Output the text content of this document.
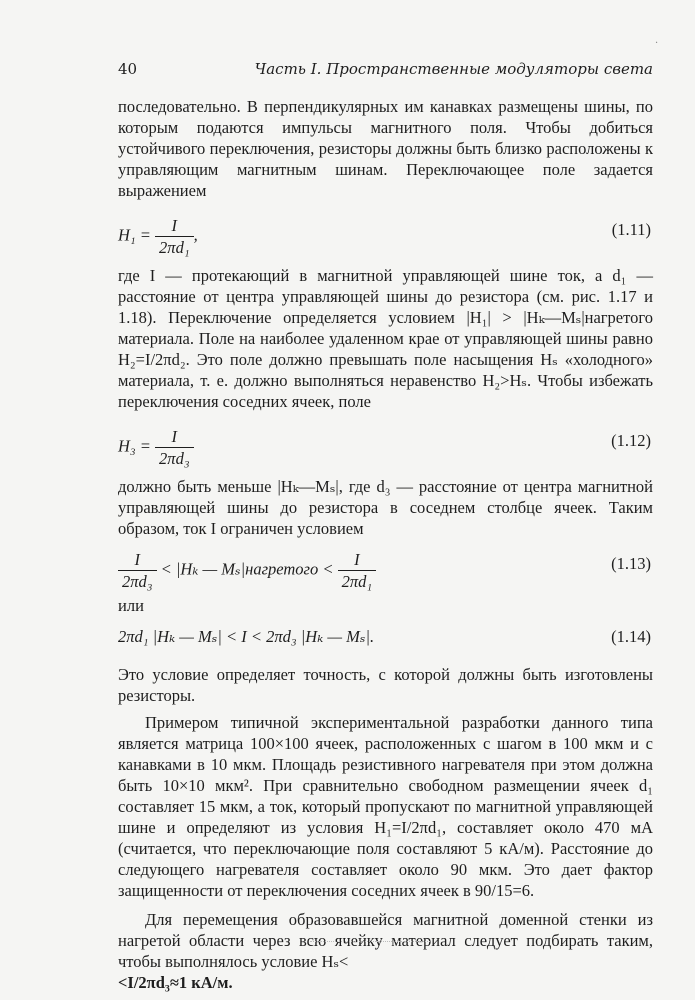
40	Часть I. Пространственные модуляторы света

последовательно. В перпендикулярных им канавках размещены шины, по которым подаются импульсы магнитного поля. Чтобы добиться устойчивого переключения, резисторы должны быть близко расположены к управляющим магнитным шинам. Переключающее поле задается выражением

$H_1 = \frac{I}{\text{2πd₁}}$ ,	(1.11)

где I — протекающий в магнитной управляющей шине ток, а d₁ — расстояние от центра управляющей шины до резистора (см. рис. 1.17 и 1.18). Переключение определяется условием |H₁| > |Hₖ—Mₛ|нагретого материала. Поле на наиболее удаленном крае от управляющей шины равно H₂=I/2πd₂. Это поле должно превышать поле насыщения Hₛ «холодного» материала, т. е. должно выполняться неравенство H₂>Hₛ. Чтобы избежать переключения соседних ячеек, поле

$H_3 = \frac{I}{\text{2πd₃}}$	(1.12)

должно быть меньше |Hₖ—Mₛ|, где d₃ — расстояние от центра магнитной управляющей шины до резистора в соседнем столбце ячеек. Таким образом, ток I ограничен условием

$\frac{I}{\text{2πd₃}} < |H_k$ — Mₛ|нагретого < $\frac{I}{\text{2πd₁}}$	(1.13)
или
2πd₁ |Hₖ — Mₛ| < I < 2πd₃ |Hₖ — Mₛ|.	(1.14)

Это условие определяет точность, с которой должны быть изготовлены резисторы.

Примером типичной экспериментальной разработки данного типа является матрица 100×100 ячеек, расположенных с шагом в 100 мкм и с канавками в 10 мкм. Площадь резистивного нагревателя при этом должна быть 10×10 мкм². При сравнительно свободном размещении ячеек d₁ составляет 15 мкм, а ток, который пропускают по магнитной управляющей шине и определяют из условия H₁=I/2πd₁, составляет около 470 мА (считается, что переключающие поля составляют 5 кА/м). Расстояние до следующего нагревателя составляет около 90 мкм. Это дает фактор защищенности от переключения соседних ячеек в 90/15=6.

Для перемещения образовавшейся магнитной доменной стенки из нагретой области через всю ячейку материал следует подбирать таким, чтобы выполнялось условие Hₛ<

<I/2πd₃≈1 кА/м.

·
